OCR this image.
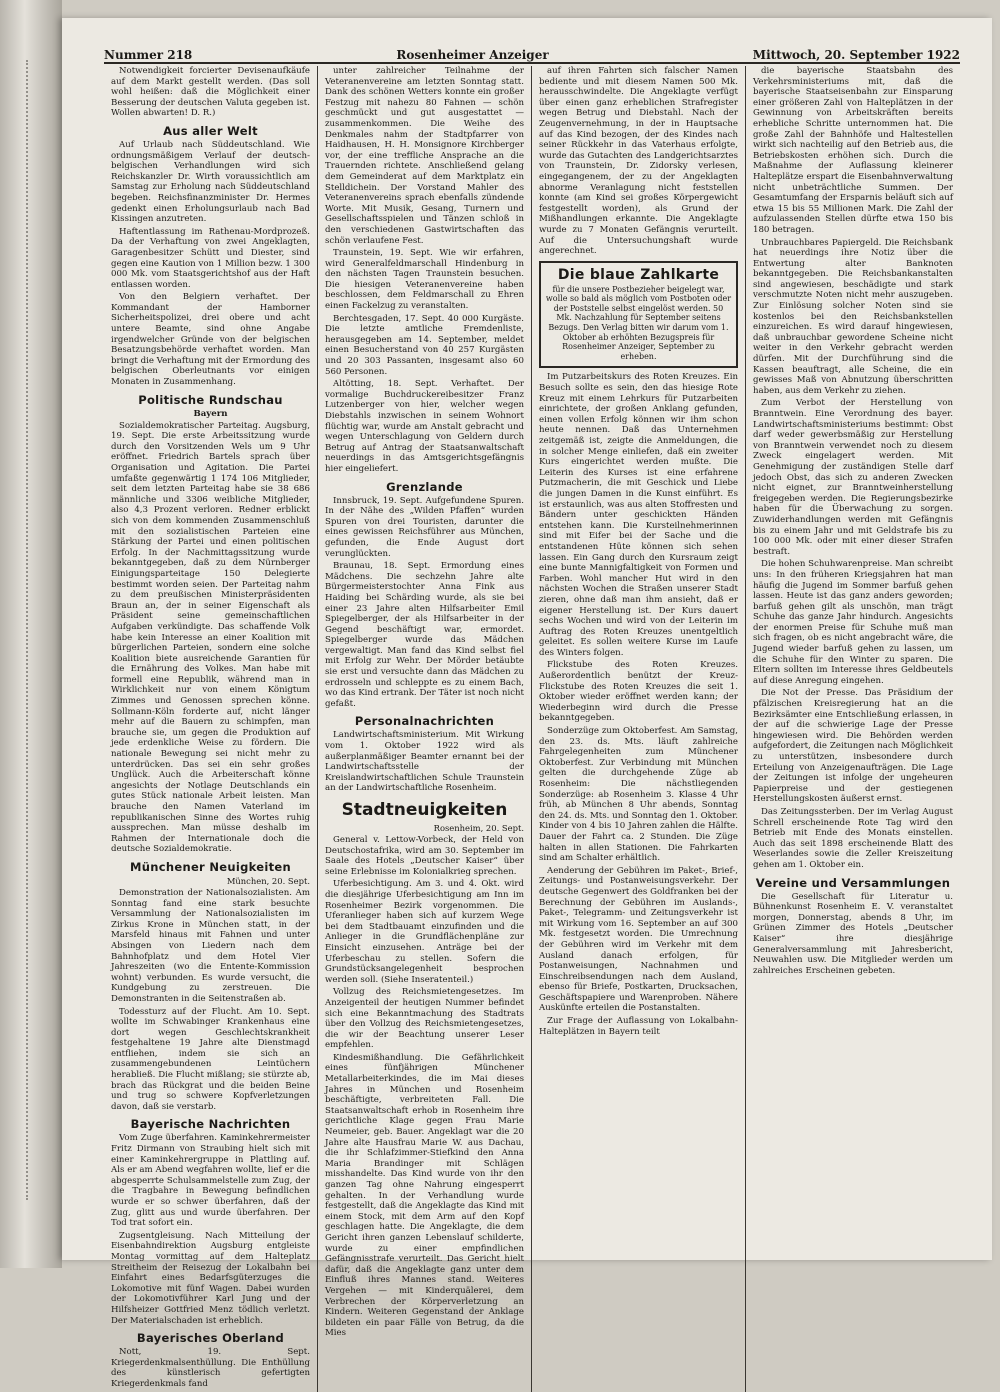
Nummer 218	Rosenheimer Anzeiger	Mittwoch, 20. September 1922
Notwendigkeit forcierter Devisenaufkäufe auf dem Markt gestellt werden. (Das soll wohl heißen: daß die Möglichkeit einer Besserung der deutschen Valuta gegeben ist. Wollen abwarten! D. R.)
Aus aller Welt
Auf Urlaub nach Süddeutschland. Wie ordnungsmäßigem Verlauf der deutsch-belgischen Verhandlungen wird sich Reichskanzler Dr. Wirth voraussichtlich am Samstag zur Erholung nach Süddeutschland begeben. Reichsfinanzminister Dr. Hermes gedenkt einen Erholungsurlaub nach Bad Kissingen anzutreten.
Haftentlassung im Rathenau-Mordprozeß. Da der Verhaftung von zwei Angeklagten, Garagenbesitzer Schütt und Diester, sind gegen eine Kaution von 1 Million bezw. 1 300 000 Mk. vom Staatsgerichtshof aus der Haft entlassen worden.
Von den Belgiern verhaftet. Der Kommandant der Hamborner Sicherheitspolizei, drei obere und acht untere Beamte, sind ohne Angabe irgendwelcher Gründe von der belgischen Besatzungsbehörde verhaftet worden. Man bringt die Verhaftung mit der Ermordung des belgischen Oberleutnants vor einigen Monaten in Zusammenhang.
Politische Rundschau
Bayern
Sozialdemokratischer Parteitag. Augsburg, 19. Sept. Die erste Arbeitssitzung wurde durch den Vorsitzenden Wels um 9 Uhr eröffnet. Friedrich Bartels sprach über Organisation und Agitation. Die Partei umfaßte gegenwärtig 1 174 106 Mitglieder, seit dem letzten Parteitag habe sie 38 686 männliche und 3306 weibliche Mitglieder, also 4,3 Prozent verloren. Redner erblickt sich von dem kommenden Zusammenschluß mit den sozialistischen Parteien eine Stärkung der Partei und einen politischen Erfolg. In der Nachmittagssitzung wurde bekanntgegeben, daß zu dem Nürnberger Einigungsparteitage 150 Delegierte bestimmt worden seien. Der Parteitag nahm zu dem preußischen Ministerpräsidenten Braun an, der in seiner Eigenschaft als Präsident seine gemeinschaftlichen Aufgaben verkündigte. Das schaffende Volk habe kein Interesse an einer Koalition mit bürgerlichen Parteien, sondern eine solche Koalition biete ausreichende Garantien für die Ernährung des Volkes. Man habe mit formell eine Republik, während man in Wirklichkeit nur von einem Königtum Zimmes und Genossen sprechen könne. Sollmann-Köln forderte auf, nicht länger mehr auf die Bauern zu schimpfen, man brauche sie, um gegen die Produktion auf jede erdenkliche Weise zu fördern. Die nationale Bewegung sei nicht mehr zu unterdrücken. Das sei ein sehr großes Unglück. Auch die Arbeiterschaft könne angesichts der Notlage Deutschlands ein gutes Stück nationale Arbeit leisten. Man brauche den Namen Vaterland im republikanischen Sinne des Wortes ruhig aussprechen. Man müsse deshalb im Rahmen der Internationale doch die deutsche Sozialdemokratie.
Münchener Neuigkeiten
München, 20. Sept.
Demonstration der Nationalsozialisten. Am Sonntag fand eine stark besuchte Versammlung der Nationalsozialisten im Zirkus Krone in München statt, in der Marsfeld hinaus mit Fahnen und unter Absingen von Liedern nach dem Bahnhofplatz und dem Hotel Vier Jahreszeiten (wo die Entente-Kommission wohnt) verbunden. Es wurde versucht, die Kundgebung zu zerstreuen. Die Demonstranten in die Seitenstraßen ab.
Todessturz auf der Flucht. Am 10. Sept. wollte im Schwabinger Krankenhaus eine dort wegen Geschlechtskrankheit festgehaltene 19 Jahre alte Dienstmagd entfliehen, indem sie sich an zusammengebundenen Leintüchern herabließ. Die Flucht mißlang; sie stürzte ab, brach das Rückgrat und die beiden Beine und trug so schwere Kopfverletzungen davon, daß sie verstarb.
Bayerische Nachrichten
Vom Zuge überfahren. Kaminkehrermeister Fritz Dirmann von Straubing hielt sich mit einer Kaminkehrergruppe in Plattling auf. Als er am Abend wegfahren wollte, lief er die abgesperrte Schulsammelstelle zum Zug, der die Tragbahre in Bewegung befindlichen wurde er so schwer überfahren, daß der Zug, glitt aus und wurde überfahren. Der Tod trat sofort ein.
Zugsentgleisung. Nach Mitteilung der Eisenbahndirektion Augsburg entgleiste Montag vormittag auf dem Halteplatz Streitheim der Reisezug der Lokalbahn bei Einfahrt eines Bedarfsgüterzuges die Lokomotive mit fünf Wagen. Dabei wurden der Lokomotivführer Karl Jung und der Hilfsheizer Gottfried Menz tödlich verletzt. Der Materialschaden ist erheblich.
Bayerisches Oberland
Nott, 19. Sept. Kriegerdenkmalsenthüllung. Die Enthüllung des künstlerisch gefertigten Kriegerdenkmals fand
unter zahlreicher Teilnahme der Veteranenvereine am letzten Sonntag statt. Dank des schönen Wetters konnte ein großer Festzug mit nahezu 80 Fahnen — schön geschmückt und gut ausgestattet — zusammenkommen. Die Weihe des Denkmales nahm der Stadtpfarrer von Haidhausen, H. H. Monsignore Kirchberger vor, der eine treffliche Ansprache an die Trauernden richtete. Anschließend gelang dem Gemeinderat auf dem Marktplatz ein Stelldichein. Der Vorstand Mahler des Veteranenvereins sprach ebenfalls zündende Worte. Mit Musik, Gesang, Turnern und Gesellschaftsspielen und Tänzen schloß in den verschiedenen Gastwirtschaften das schön verlaufene Fest.
Traunstein, 19. Sept. Wie wir erfahren, wird Generalfeldmarschall Hindenburg in den nächsten Tagen Traunstein besuchen. Die hiesigen Veteranenvereine haben beschlossen, dem Feldmarschall zu Ehren einen Fackelzug zu veranstalten.
Berchtesgaden, 17. Sept. 40 000 Kurgäste. Die letzte amtliche Fremdenliste, herausgegeben am 14. September, meldet einen Besucherstand von 40 257 Kurgästen und 20 303 Passanten, insgesamt also 60 560 Personen.
Altötting, 18. Sept. Verhaftet. Der vormalige Buchdruckereibesitzer Franz Lutzenberger von hier, welcher wegen Diebstahls inzwischen in seinem Wohnort flüchtig war, wurde am Anstalt gebracht und wegen Unterschlagung von Geldern durch Betrug auf Antrag der Staatsanwaltschaft neuerdings in das Amtsgerichtsgefängnis hier eingeliefert.
Grenzlande
Innsbruck, 19. Sept. Aufgefundene Spuren. In der Nähe des „Wilden Pfaffen“ wurden Spuren von drei Touristen, darunter die eines gewissen Reichsführer aus München, gefunden, die Ende August dort verunglückten.
Braunau, 18. Sept. Ermordung eines Mädchens. Die sechzehn Jahre alte Bürgermeisterstochter Anna Fink aus Haiding bei Schärding wurde, als sie bei einer 23 Jahre alten Hilfsarbeiter Emil Spiegelberger, der als Hilfsarbeiter in der Gegend beschäftigt war, ermordet. Spiegelberger wurde das Mädchen vergewaltigt. Man fand das Kind selbst fiel mit Erfolg zur Wehr. Der Mörder betäubte sie erst und versuchte dann das Mädchen zu erdrosseln und schleppte es zu einem Bach, wo das Kind ertrank. Der Täter ist noch nicht gefaßt.
Personalnachrichten
Landwirtschaftsministerium. Mit Wirkung vom 1. Oktober 1922 wird als außerplanmäßiger Beamter ernannt bei der Landwirtschaftsstelle der Kreislandwirtschaftlichen Schule Traunstein an der Landwirtschaftliche Rosenheim.
Stadtneuigkeiten
Rosenheim, 20. Sept.
General v. Lettow-Vorbeck, der Held von Deutschostafrika, wird am 30. September im Saale des Hotels „Deutscher Kaiser“ über seine Erlebnisse im Kolonialkrieg sprechen.
Uferbesichtigung. Am 3. und 4. Okt. wird die diesjährige Uferbesichtigung am Inn im Rosenheimer Bezirk vorgenommen. Die Uferanlieger haben sich auf kurzem Wege bei dem Stadtbauamt einzufinden und die Anlieger in die Grundflächenpläne zur Einsicht einzusehen. Anträge bei der Uferbeschau zu stellen. Sofern die Grundstücksangelegenheit besprochen werden soll. (Siehe Inseratenteil.)
Vollzug des Reichsmietengesetzes. Im Anzeigenteil der heutigen Nummer befindet sich eine Bekanntmachung des Stadtrats über den Vollzug des Reichsmietengesetzes, die wir der Beachtung unserer Leser empfehlen.
Kindesmißhandlung. Die Gefährlichkeit eines fünfjährigen Münchener Metallarbeiterkindes, die im Mai dieses Jahres in München und Rosenheim beschäftigte, verbreiteten Fall. Die Staatsanwaltschaft erhob in Rosenheim ihre gerichtliche Klage gegen Frau Marie Neumeier, geb. Bauer. Angeklagt war die 20 Jahre alte Hausfrau Marie W. aus Dachau, die ihr Schlafzimmer-Stiefkind den Anna Maria Brandinger mit Schlägen misshandelte. Das Kind wurde von ihr den ganzen Tag ohne Nahrung eingesperrt gehalten. In der Verhandlung wurde festgestellt, daß die Angeklagte das Kind mit einem Stock, mit dem Arm auf den Kopf geschlagen hatte. Die Angeklagte, die dem Gericht ihren ganzen Lebenslauf schilderte, wurde zu einer empfindlichen Gefängnisstrafe verurteilt. Das Gericht hielt dafür, daß die Angeklagte ganz unter dem Einfluß ihres Mannes stand. Weiteres Vergehen — mit Kinderquälerei, dem Verbrechen der Körperverletzung an Kindern. Weiteren Gegenstand der Anklage bildeten ein paar Fälle von Betrug, da die Mies
auf ihren Fahrten sich falscher Namen bediente und mit diesem Namen 500 Mk. herausschwindelte. Die Angeklagte verfügt über einen ganz erheblichen Strafregister wegen Betrug und Diebstahl. Nach der Zeugenvernehmung, in der in Hauptsache auf das Kind bezogen, der des Kindes nach seiner Rückkehr in das Vaterhaus erfolgte, wurde das Gutachten des Landgerichtsarztes von Traunstein, Dr. Zidorsky verlesen, eingegangenem, der zu der Angeklagten abnorme Veranlagung nicht feststellen konnte (am Kind sei großes Körpergewicht festgestellt worden), als Grund der Mißhandlungen erkannte. Die Angeklagte wurde zu 7 Monaten Gefängnis verurteilt. Auf die Untersuchungshaft wurde angerechnet.
Die blaue Zahlkarte
für die unsere Postbezieher beigelegt war, wolle so bald als möglich vom Postboten oder der Poststelle selbst eingelöst werden. 50 Mk. Nachzahlung für September seitens Bezugs. Den Verlag bitten wir darum vom 1. Oktober ab erhöhten Bezugspreis für Rosenheimer Anzeiger, September zu erheben.
Im Putzarbeitskurs des Roten Kreuzes. Ein Besuch sollte es sein, den das hiesige Rote Kreuz mit einem Lehrkurs für Putzarbeiten einrichtete, der großen Anklang gefunden, einen vollen Erfolg können wir ihm schon heute nennen. Daß das Unternehmen zeitgemäß ist, zeigte die Anmeldungen, die in solcher Menge einliefen, daß ein zweiter Kurs eingerichtet werden mußte. Die Leiterin des Kurses ist eine erfahrene Putzmacherin, die mit Geschick und Liebe die jungen Damen in die Kunst einführt. Es ist erstaunlich, was aus alten Stoffresten und Bändern unter geschickten Händen entstehen kann. Die Kursteilnehmerinnen sind mit Eifer bei der Sache und die entstandenen Hüte können sich sehen lassen. Ein Gang durch den Kursraum zeigt eine bunte Mannigfaltigkeit von Formen und Farben. Wohl mancher Hut wird in den nächsten Wochen die Straßen unserer Stadt zieren, ohne daß man ihm ansieht, daß er eigener Herstellung ist. Der Kurs dauert sechs Wochen und wird von der Leiterin im Auftrag des Roten Kreuzes unentgeltlich geleitet. Es sollen weitere Kurse im Laufe des Winters folgen.
Flickstube des Roten Kreuzes. Außerordentlich benützt der Kreuz-Flickstube des Roten Kreuzes die seit 1. Oktober wieder eröffnet werden kann; der Wiederbeginn wird durch die Presse bekanntgegeben.
Sonderzüge zum Oktoberfest. Am Samstag, den 23. ds. Mts. läuft zahlreiche Fahrgelegenheiten zum Münchener Oktoberfest. Zur Verbindung mit München gelten die durchgehende Züge ab Rosenheim: Die nächstliegenden Sonderzüge: ab Rosenheim 3. Klasse 4 Uhr früh, ab München 8 Uhr abends, Sonntag den 24. ds. Mts. und Sonntag den 1. Oktober. Kinder von 4 bis 10 Jahren zahlen die Hälfte. Dauer der Fahrt ca. 2 Stunden. Die Züge halten in allen Stationen. Die Fahrkarten sind am Schalter erhältlich.
Aenderung der Gebühren im Paket-, Brief-, Zeitungs- und Postanweisungsverkehr. Der deutsche Gegenwert des Goldfranken bei der Berechnung der Gebühren im Auslands-, Paket-, Telegramm- und Zeitungsverkehr ist mit Wirkung vom 16. September an auf 300 Mk. festgesetzt worden. Die Umrechnung der Gebühren wird im Verkehr mit dem Ausland danach erfolgen, für Postanweisungen, Nachnahmen und Einschreibsendungen nach dem Ausland, ebenso für Briefe, Postkarten, Drucksachen, Geschäftspapiere und Warenproben. Nähere Auskünfte erteilen die Postanstalten.
Zur Frage der Auflassung von Lokalbahn-Halteplätzen in Bayern teilt
die bayerische Staatsbahn des Verkehrsministeriums mit, daß die bayerische Staatseisenbahn zur Einsparung einer größeren Zahl von Halteplätzen in der Gewinnung von Arbeitskräften bereits erhebliche Schritte unternommen hat. Die große Zahl der Bahnhöfe und Haltestellen wirkt sich nachteilig auf den Betrieb aus, die Betriebskosten erhöhen sich. Durch die Maßnahme der Auflassung kleinerer Halteplätze erspart die Eisenbahnverwaltung nicht unbeträchtliche Summen. Der Gesamtumfang der Ersparnis beläuft sich auf etwa 15 bis 55 Millionen Mark. Die Zahl der aufzulassenden Stellen dürfte etwa 150 bis 180 betragen.
Unbrauchbares Papiergeld. Die Reichsbank hat neuerdings ihre Notiz über die Entwertung alter Banknoten bekanntgegeben. Die Reichsbankanstalten sind angewiesen, beschädigte und stark verschmutzte Noten nicht mehr auszugeben. Zur Einlösung solcher Noten sind sie kostenlos bei den Reichsbankstellen einzureichen. Es wird darauf hingewiesen, daß unbrauchbar gewordene Scheine nicht weiter in den Verkehr gebracht werden dürfen. Mit der Durchführung sind die Kassen beauftragt, alle Scheine, die ein gewisses Maß von Abnutzung überschritten haben, aus dem Verkehr zu ziehen.
Zum Verbot der Herstellung von Branntwein. Eine Verordnung des bayer. Landwirtschaftsministeriums bestimmt: Obst darf weder gewerbsmäßig zur Herstellung von Branntwein verwendet noch zu diesem Zweck eingelagert werden. Mit Genehmigung der zuständigen Stelle darf jedoch Obst, das sich zu anderen Zwecken nicht eignet, zur Branntweinherstellung freigegeben werden. Die Regierungsbezirke haben für die Überwachung zu sorgen. Zuwiderhandlungen werden mit Gefängnis bis zu einem Jahr und mit Geldstrafe bis zu 100 000 Mk. oder mit einer dieser Strafen bestraft.
Die hohen Schuhwarenpreise. Man schreibt uns: In den früheren Kriegsjahren hat man häufig die Jugend im Sommer barfuß gehen lassen. Heute ist das ganz anders geworden; barfuß gehen gilt als unschön, man trägt Schuhe das ganze Jahr hindurch. Angesichts der enormen Preise für Schuhe muß man sich fragen, ob es nicht angebracht wäre, die Jugend wieder barfuß gehen zu lassen, um die Schuhe für den Winter zu sparen. Die Eltern sollten im Interesse ihres Geldbeutels auf diese Anregung eingehen.
Die Not der Presse. Das Präsidium der pfälzischen Kreisregierung hat an die Bezirksämter eine Entschließung erlassen, in der auf die schwierige Lage der Presse hingewiesen wird. Die Behörden werden aufgefordert, die Zeitungen nach Möglichkeit zu unterstützen, insbesondere durch Erteilung von Anzeigenaufträgen. Die Lage der Zeitungen ist infolge der ungeheuren Papierpreise und der gestiegenen Herstellungskosten äußerst ernst.
Das Zeitungssterben. Der im Verlag August Schrell erscheinende Rote Tag wird den Betrieb mit Ende des Monats einstellen. Auch das seit 1898 erscheinende Blatt des Weserlandes sowie die Zeller Kreiszeitung gehen am 1. Oktober ein.
Vereine und Versammlungen
Die Gesellschaft für Literatur u. Bühnenkunst Rosenheim E. V. veranstaltet morgen, Donnerstag, abends 8 Uhr, im Grünen Zimmer des Hotels „Deutscher Kaiser“ ihre diesjährige Generalversammlung mit Jahresbericht, Neuwahlen usw. Die Mitglieder werden um zahlreiches Erscheinen gebeten.
